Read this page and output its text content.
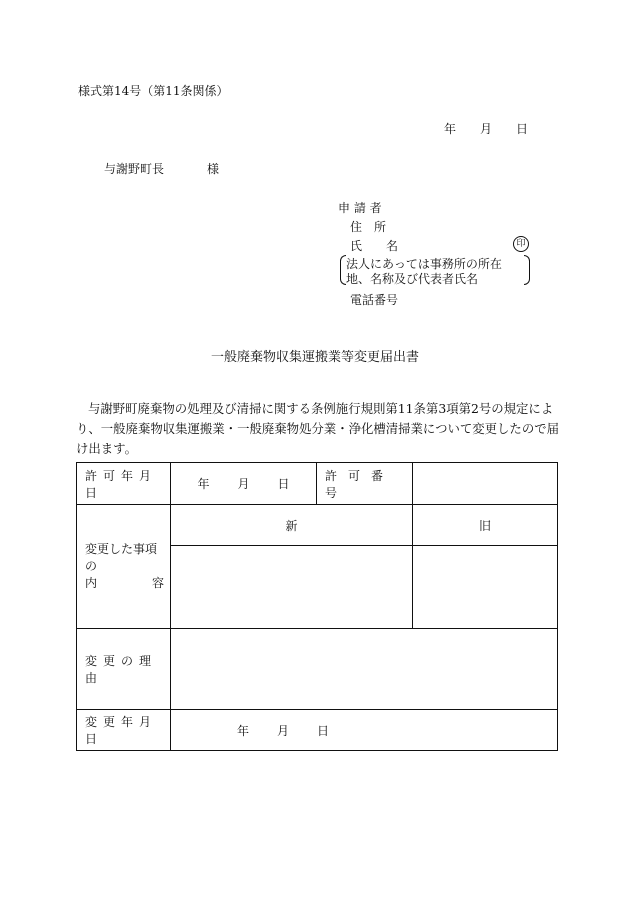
様式第14号（第11条関係）
年 月 日
与謝野町長	様
申 請 者
住　所
氏　　名	印
法人にあっては事務所の所在
地、名称及び代表者氏名
電話番号
一般廃棄物収集運搬業等変更届出書
与謝野町廃棄物の処理及び清掃に関する条例施行規則第11条第3項第2号の規定により、一般廃棄物収集運搬業・一般廃棄物処分業・浄化槽清掃業について変更したので届け出ます。
許可年月日	年 月 日	許可番号	

変更した事項の
内 容	新		旧

変更の理由			
変更年月日	年 月 日		
